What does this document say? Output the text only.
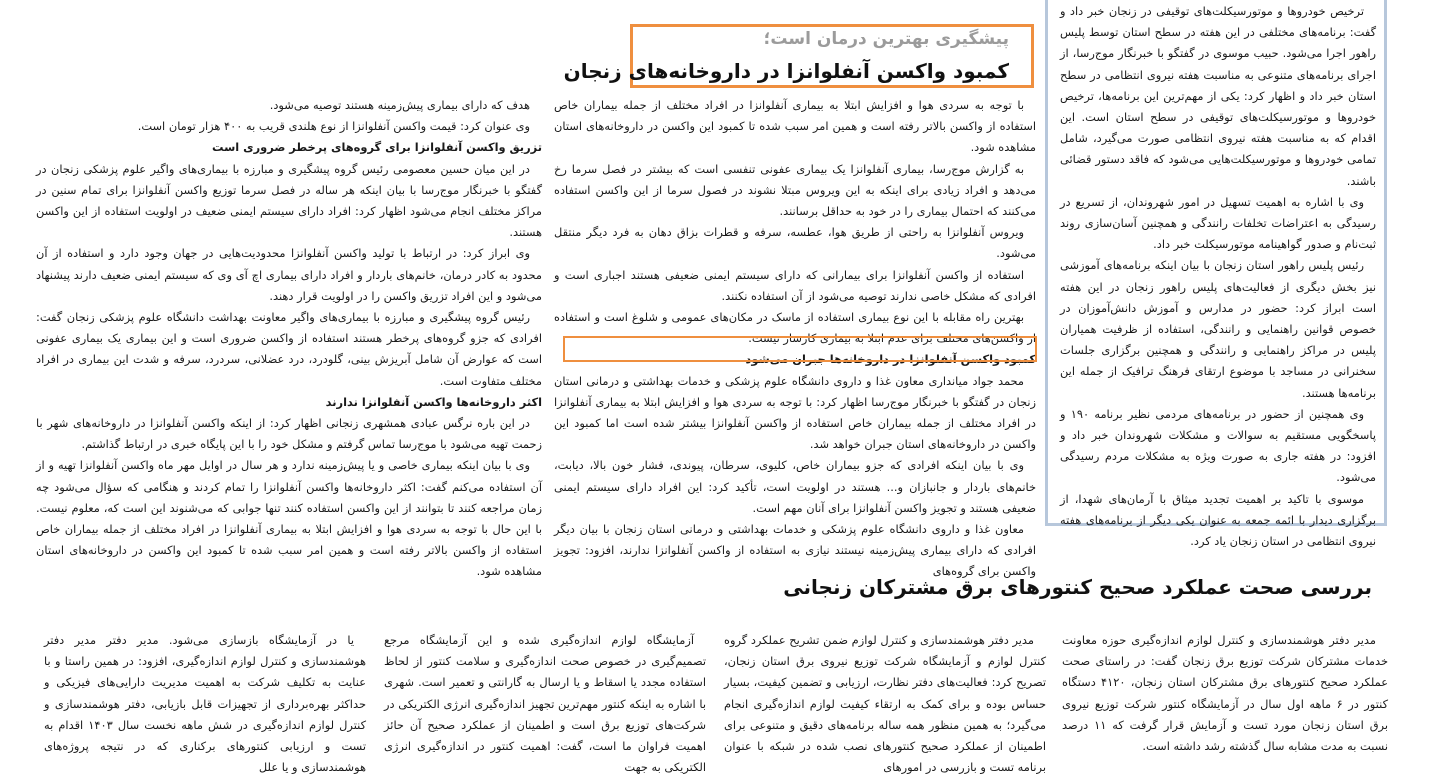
ترخیص خودروها و موتورسیکلت‌های توقیفی در زنجان خبر داد و گفت: برنامه‌های مختلفی در این هفته در سطح استان توسط پلیس راهور اجرا می‌شود. حبیب موسوی در گفتگو با خبرنگار موج‌رسا، از اجرای برنامه‌های متنوعی به مناسبت هفته نیروی انتظامی در سطح استان خبر داد و اظهار کرد: یکی از مهم‌ترین این برنامه‌ها، ترخیص خودروها و موتورسیکلت‌های توقیفی در سطح استان است. این اقدام که به مناسبت هفته نیروی انتظامی صورت می‌گیرد، شامل تمامی خودروها و موتورسیکلت‌هایی می‌شود که فاقد دستور قضائی باشند.

وی با اشاره به اهمیت تسهیل در امور شهروندان، از تسریع در رسیدگی به اعتراضات تخلفات رانندگی و همچنین آسان‌سازی روند ثبت‌نام و صدور گواهینامه موتورسیکلت خبر داد.

رئیس پلیس راهور استان زنجان با بیان اینکه برنامه‌های آموزشی نیز بخش دیگری از فعالیت‌های پلیس راهور زنجان در این هفته است ابراز کرد: حضور در مدارس و آموزش دانش‌آموزان در خصوص قوانین راهنمایی و رانندگی، استفاده از ظرفیت همیاران پلیس در مراکز راهنمایی و رانندگی و همچنین برگزاری جلسات سخنرانی در مساجد با موضوع ارتقای فرهنگ ترافیک از جمله این برنامه‌ها هستند.

وی همچنین از حضور در برنامه‌های مردمی نظیر برنامه ۱۹۰ و پاسخگویی مستقیم به سوالات و مشکلات شهروندان خبر داد و افزود: در هفته جاری به صورت ویژه به مشکلات مردم رسیدگی می‌شود.

موسوی با تاکید بر اهمیت تجدید میثاق با آرمان‌های شهدا، از برگزاری دیدار با ائمه جمعه به عنوان یکی دیگر از برنامه‌های هفته نیروی انتظامی در استان زنجان یاد کرد.

پیشگیری بهترین درمان است؛
کمبود واکسن آنفلوانزا در داروخانه‌های زنجان

با توجه به سردی هوا و افزایش ابتلا به بیماری آنفلوانزا در افراد مختلف از جمله بیماران خاص استفاده از واکسن بالاتر رفته است و همین امر سبب شده تا کمبود این واکسن در داروخانه‌های استان مشاهده شود.

به گزارش موج‌رسا، بیماری آنفلوانزا یک بیماری عفونی تنفسی است که بیشتر در فصل سرما رخ می‌دهد و افراد زیادی برای اینکه به این ویروس مبتلا نشوند در فصول سرما از این واکسن استفاده می‌کنند که احتمال بیماری را در خود به حداقل برسانند.

ویروس آنفلوانزا به راحتی از طریق هوا، عطسه، سرفه و قطرات بزاق دهان به فرد دیگر منتقل می‌شود.

استفاده از واکسن آنفلوانزا برای بیمارانی که دارای سیستم ایمنی ضعیفی هستند اجباری است و افرادی که مشکل خاصی ندارند توصیه می‌شود از آن استفاده نکنند.

بهترین راه مقابله با این نوع بیماری استفاده از ماسک در مکان‌های عمومی و شلوغ است و استفاده از واکسن‌های مختلف برای عدم ابتلا به بیماری کارساز نیست.

کمبود واکسن آنفلوانزا در داروخانه‌ها جبران می‌شود

محمد جواد میانداری معاون غذا و داروی دانشگاه علوم پزشکی و خدمات بهداشتی و درمانی استان زنجان در گفتگو با خبرنگار موج‌رسا اظهار کرد: با توجه به سردی هوا و افزایش ابتلا به بیماری آنفلوانزا در افراد مختلف از جمله بیماران خاص استفاده از واکسن آنفلوانزا بیشتر شده است اما کمبود این واکسن در داروخانه‌های استان جبران خواهد شد.

وی با بیان اینکه افرادی که جزو بیماران خاص، کلیوی، سرطان، پیوندی، فشار خون بالا، دیابت، خانم‌های باردار و جانبازان و... هستند در اولویت است، تأکید کرد: این افراد دارای سیستم ایمنی ضعیفی هستند و تجویز واکسن آنفلوانزا برای آنان مهم است.

معاون غذا و داروی دانشگاه علوم پزشکی و خدمات بهداشتی و درمانی استان زنجان با بیان دیگر افرادی که دارای بیماری پیش‌زمینه نیستند نیازی به استفاده از واکسن آنفلوانزا ندارند، افزود: تجویز واکسن برای گروه‌های

هدف که دارای بیماری پیش‌زمینه هستند توصیه می‌شود.

وی عنوان کرد: قیمت واکسن آنفلوانزا از نوع هلندی قریب به ۴۰۰ هزار تومان است.

تزریق واکسن آنفلوانزا برای گروه‌های پرخطر ضروری است

در این میان حسین معصومی رئیس گروه پیشگیری و مبارزه با بیماری‌های واگیر علوم پزشکی زنجان در گفتگو با خبرنگار موج‌رسا با بیان اینکه هر ساله در فصل سرما توزیع واکسن آنفلوانزا برای تمام سنین در مراکز مختلف انجام می‌شود اظهار کرد: افراد دارای سیستم ایمنی ضعیف در اولویت استفاده از این واکسن هستند.

وی ابراز کرد: در ارتباط با تولید واکسن آنفلوانزا محدودیت‌هایی در جهان وجود دارد و استفاده از آن محدود به کادر درمان، خانم‌های باردار و افراد دارای بیماری اچ آی وی که سیستم ایمنی ضعیف دارند پیشنهاد می‌شود و این افراد تزریق واکسن را در اولویت قرار دهند.

رئیس گروه پیشگیری و مبارزه با بیماری‌های واگیر معاونت بهداشت دانشگاه علوم پزشکی زنجان گفت: افرادی که جزو گروه‌های پرخطر هستند استفاده از واکسن ضروری است و این بیماری یک بیماری عفونی است که عوارض آن شامل آبریزش بینی، گلودرد، درد عضلانی، سردرد، سرفه و شدت این بیماری در افراد مختلف متفاوت است.

اکثر داروخانه‌ها واکسن آنفلوانزا ندارند

در این باره نرگس عبادی همشهری زنجانی اظهار کرد: از اینکه واکسن آنفلوانزا در داروخانه‌های شهر با زحمت تهیه می‌شود با موج‌رسا تماس گرفتم و مشکل خود را با این پایگاه خبری در ارتباط گذاشتم.

وی با بیان اینکه بیماری خاصی و یا پیش‌زمینه ندارد و هر سال در اوایل مهر ماه واکسن آنفلوانزا تهیه و از آن استفاده می‌کنم گفت: اکثر داروخانه‌ها واکسن آنفلوانزا را تمام کردند و هنگامی که سؤال می‌شود چه زمان مراجعه کنند تا بتوانند از این واکسن استفاده کنند تنها جوابی که می‌شنوند این است که، معلوم نیست. با این حال با توجه به سردی هوا و افزایش ابتلا به بیماری آنفلوانزا در افراد مختلف از جمله بیماران خاص استفاده از واکسن بالاتر رفته است و همین امر سبب شده تا کمبود این واکسن در داروخانه‌های استان مشاهده شود.

بررسی صحت عملکرد صحیح کنتورهای برق مشترکان زنجانی

مدیر دفتر هوشمندسازی و کنترل لوازم اندازه‌گیری حوزه معاونت خدمات مشترکان شرکت توزیع برق زنجان گفت: در راستای صحت عملکرد صحیح کنتورهای برق مشترکان استان زنجان، ۴۱۲۰ دستگاه کنتور در ۶ ماهه اول سال در آزمایشگاه کنتور شرکت توزیع نیروی برق استان زنجان مورد تست و آزمایش قرار گرفت که ۱۱ درصد نسبت به مدت مشابه سال گذشته رشد داشته است.

مدیر دفتر هوشمندسازی و کنترل لوازم ضمن تشریح عملکرد گروه کنترل لوازم و آزمایشگاه شرکت توزیع نیروی برق استان زنجان، تصریح کرد: فعالیت‌های دفتر نظارت، ارزیابی و تضمین کیفیت، بسیار حساس بوده و برای کمک به ارتقاء کیفیت لوازم اندازه‌گیری انجام می‌گیرد؛ به همین منظور همه ساله برنامه‌های دقیق و متنوعی برای اطمینان از عملکرد صحیح کنتورهای نصب شده در شبکه با عنوان برنامه تست و بازرسی در امورهای

آزمایشگاه لوازم اندازه‌گیری شده و این آزمایشگاه مرجع تصمیم‌گیری در خصوص صحت اندازه‌گیری و سلامت کنتور از لحاظ استفاده مجدد یا اسقاط و یا ارسال به گارانتی و تعمیر است. شهری با اشاره به اینکه کنتور مهم‌ترین تجهیز اندازه‌گیری انرژی الکتریکی در شرکت‌های توزیع برق است و اطمینان از عملکرد صحیح آن حائز اهمیت فراوان ما است، گفت: اهمیت کنتور در اندازه‌گیری انرژی الکتریکی به جهت

یا در آزمایشگاه بازسازی می‌شود. مدیر دفتر مدیر دفتر هوشمندسازی و کنترل لوازم اندازه‌گیری، افزود: در همین راستا و با عنایت به تکلیف شرکت به اهمیت مدیریت دارایی‌های فیزیکی و حداکثر بهره‌برداری از تجهیزات قابل بازیابی، دفتر هوشمندسازی و کنترل لوازم اندازه‌گیری در شش ماهه نخست سال ۱۴۰۳ اقدام به تست و ارزیابی کنتورهای برکناری که در نتیجه پروژه‌های هوشمندسازی و یا علل
